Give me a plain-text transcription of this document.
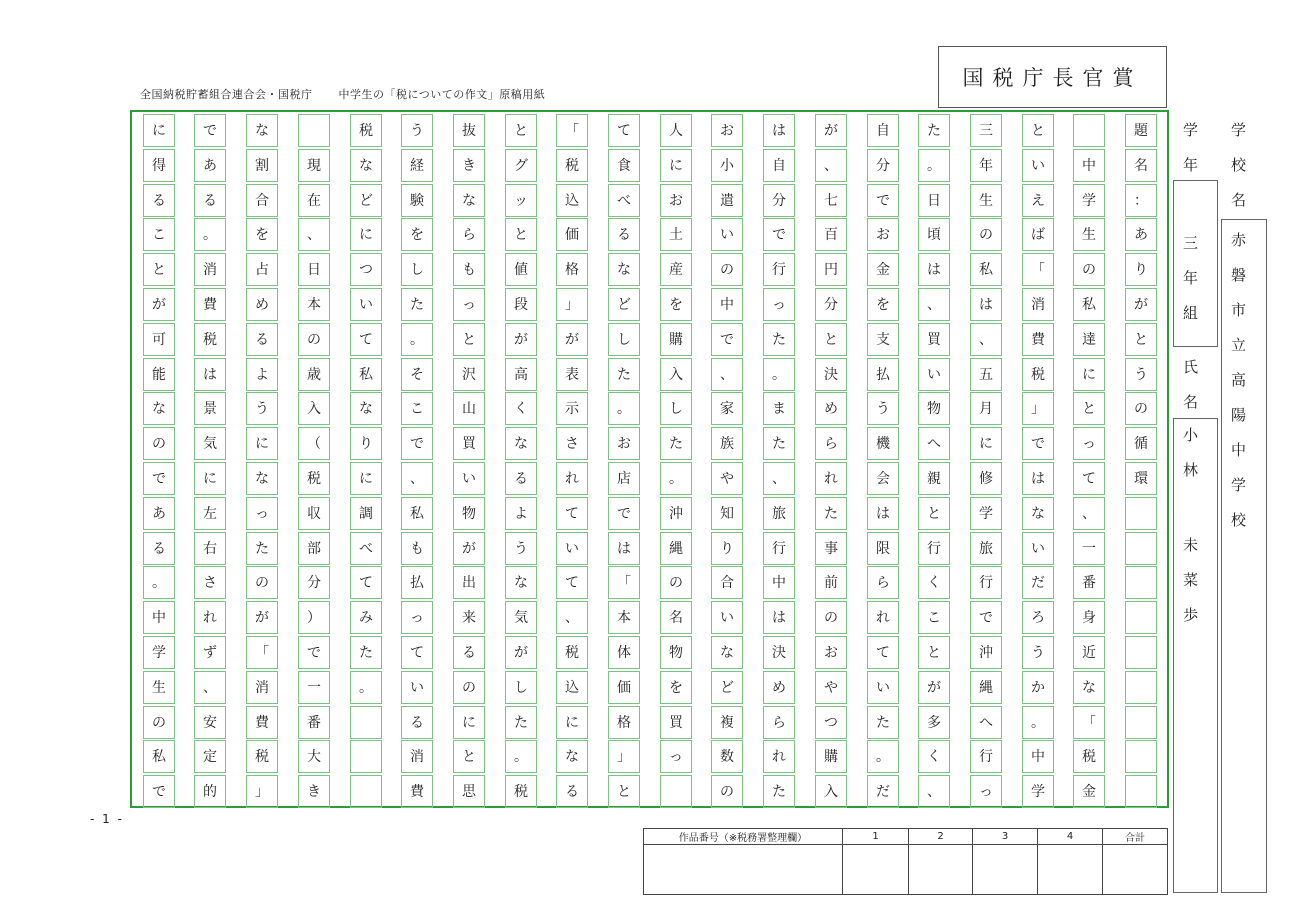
全国納税貯蓄組合連合会・国税庁 中学生の「税についての作文」原稿用紙
国税庁長官賞
題
名
：
あ
り
が
と
う
の
循
環
中
学
生
の
私
達
に
と
っ
て
、
一
番
身
近
な
「
税
金
と
い
え
ば
「
消
費
税
」
で
は
な
い
だ
ろ
う
か
。
中
学
三
年
生
の
私
は
、
五
月
に
修
学
旅
行
で
沖
縄
へ
行
っ
た
。
日
頃
は
、
買
い
物
へ
親
と
行
く
こ
と
が
多
く
、
自
分
で
お
金
を
支
払
う
機
会
は
限
ら
れ
て
い
た
。
だ
が
、
七
百
円
分
と
決
め
ら
れ
た
事
前
の
お
や
つ
購
入
は
自
分
で
行
っ
た
。
ま
た
、
旅
行
中
は
決
め
ら
れ
た
お
小
遣
い
の
中
で
、
家
族
や
知
り
合
い
な
ど
複
数
の
人
に
お
土
産
を
購
入
し
た
。
沖
縄
の
名
物
を
買
っ
て
食
べ
る
な
ど
し
た
。
お
店
で
は
「
本
体
価
格
」
と
「
税
込
価
格
」
が
表
示
さ
れ
て
い
て
、
税
込
に
な
る
と
グ
ッ
と
値
段
が
高
く
な
る
よ
う
な
気
が
し
た
。
税
抜
き
な
ら
も
っ
と
沢
山
買
い
物
が
出
来
る
の
に
と
思
う
経
験
を
し
た
。
そ
こ
で
、
私
も
払
っ
て
い
る
消
費
税
な
ど
に
つ
い
て
私
な
り
に
調
べ
て
み
た
。
現
在
、
日
本
の
歳
入
（
税
収
部
分
）
で
一
番
大
き
な
割
合
を
占
め
る
よ
う
に
な
っ
た
の
が
「
消
費
税
」
で
あ
る
。
消
費
税
は
景
気
に
左
右
さ
れ
ず
、
安
定
的
に
得
る
こ
と
が
可
能
な
の
で
あ
る
。
中
学
生
の
私
で
- 1 -
学
校
名
赤
磐
市
立
高
陽
中
学
校
学
年
三
年
組
氏
名
小
林
未
菜
歩
作品番号（※税務署整理欄）	1	2	3	4	合計
